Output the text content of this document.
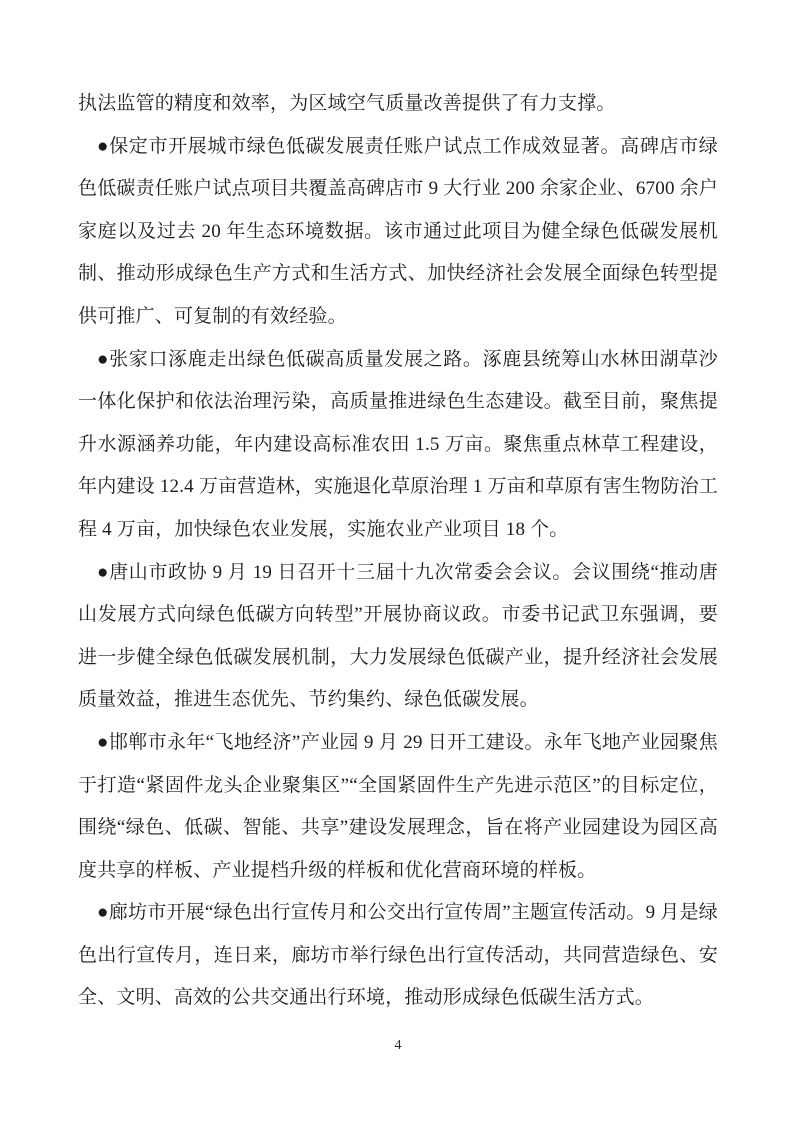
执法监管的精度和效率，为区域空气质量改善提供了有力支撑。

●保定市开展城市绿色低碳发展责任账户试点工作成效显著。高碑店市绿色低碳责任账户试点项目共覆盖高碑店市 9 大行业 200 余家企业、6700 余户家庭以及过去 20 年生态环境数据。该市通过此项目为健全绿色低碳发展机制、推动形成绿色生产方式和生活方式、加快经济社会发展全面绿色转型提供可推广、可复制的有效经验。

●张家口涿鹿走出绿色低碳高质量发展之路。涿鹿县统筹山水林田湖草沙一体化保护和依法治理污染，高质量推进绿色生态建设。截至目前，聚焦提升水源涵养功能，年内建设高标准农田 1.5 万亩。聚焦重点林草工程建设，年内建设 12.4 万亩营造林，实施退化草原治理 1 万亩和草原有害生物防治工程 4 万亩，加快绿色农业发展，实施农业产业项目 18 个。

●唐山市政协 9 月 19 日召开十三届十九次常委会会议。会议围绕“推动唐山发展方式向绿色低碳方向转型”开展协商议政。市委书记武卫东强调，要进一步健全绿色低碳发展机制，大力发展绿色低碳产业，提升经济社会发展质量效益，推进生态优先、节约集约、绿色低碳发展。

●邯郸市永年“飞地经济”产业园 9 月 29 日开工建设。永年飞地产业园聚焦于打造“紧固件龙头企业聚集区”“全国紧固件生产先进示范区”的目标定位，围绕“绿色、低碳、智能、共享”建设发展理念，旨在将产业园建设为园区高度共享的样板、产业提档升级的样板和优化营商环境的样板。

●廊坊市开展“绿色出行宣传月和公交出行宣传周”主题宣传活动。9 月是绿色出行宣传月，连日来，廊坊市举行绿色出行宣传活动，共同营造绿色、安全、文明、高效的公共交通出行环境，推动形成绿色低碳生活方式。

4
